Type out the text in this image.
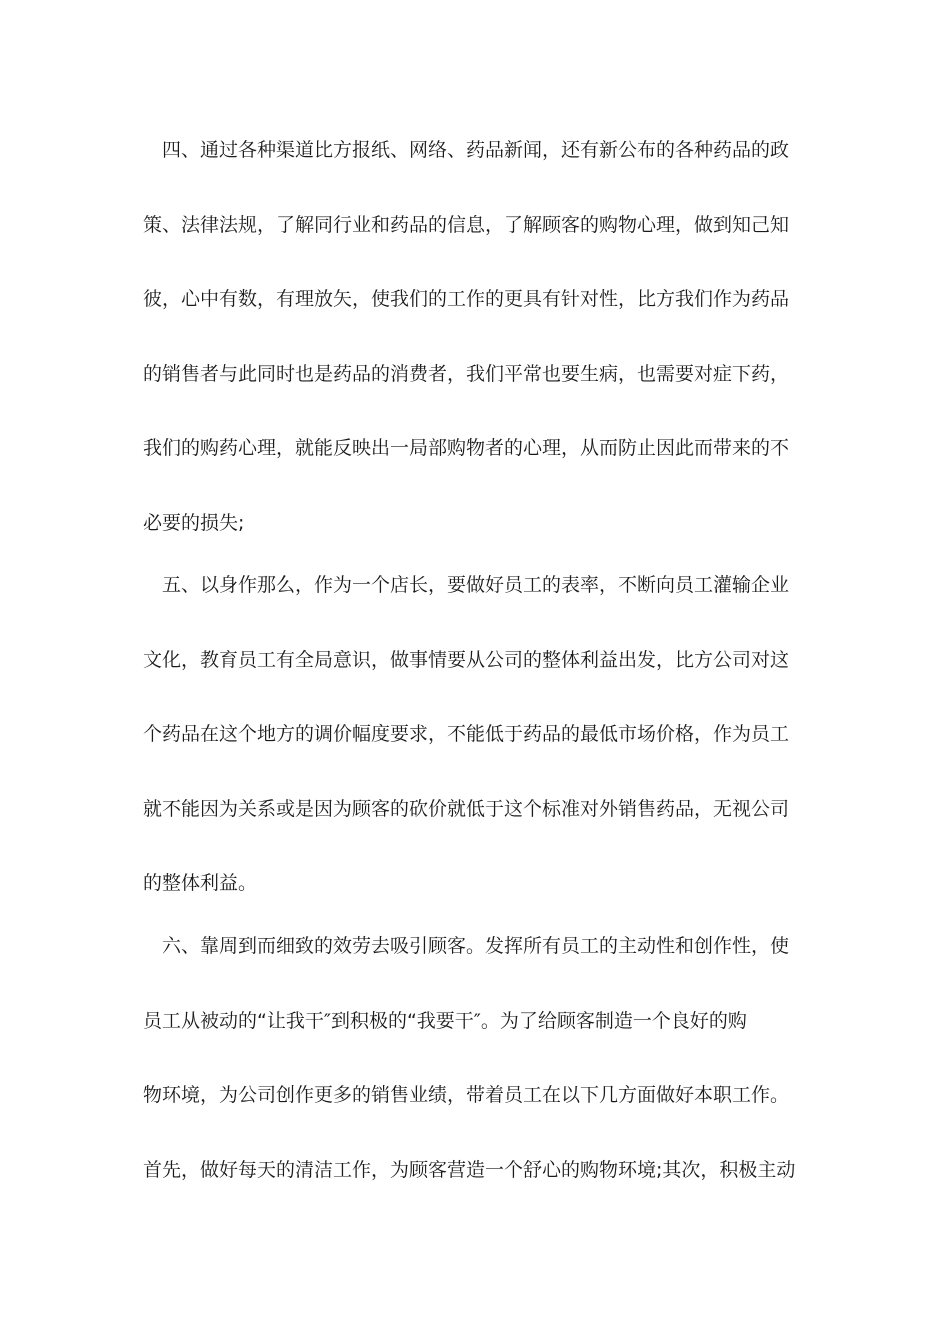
四、通过各种渠道比方报纸、网络、药品新闻，还有新公布的各种药品的政
策、法律法规，了解同行业和药品的信息，了解顾客的购物心理，做到知己知
彼，心中有数，有理放矢，使我们的工作的更具有针对性，比方我们作为药品
的销售者与此同时也是药品的消费者，我们平常也要生病，也需要对症下药，
我们的购药心理，就能反映出一局部购物者的心理，从而防止因此而带来的不
必要的损失;
五、以身作那么，作为一个店长，要做好员工的表率，不断向员工灌输企业
文化，教育员工有全局意识，做事情要从公司的整体利益出发，比方公司对这
个药品在这个地方的调价幅度要求，不能低于药品的最低市场价格，作为员工
就不能因为关系或是因为顾客的砍价就低于这个标准对外销售药品，无视公司
的整体利益。
六、靠周到而细致的效劳去吸引顾客。发挥所有员工的主动性和创作性，使
员工从被动的“让我干″到积极的“我要干″。为了给顾客制造一个良好的购
物环境，为公司创作更多的销售业绩，带着员工在以下几方面做好本职工作。
首先，做好每天的清洁工作，为顾客营造一个舒心的购物环境;其次，积极主动
